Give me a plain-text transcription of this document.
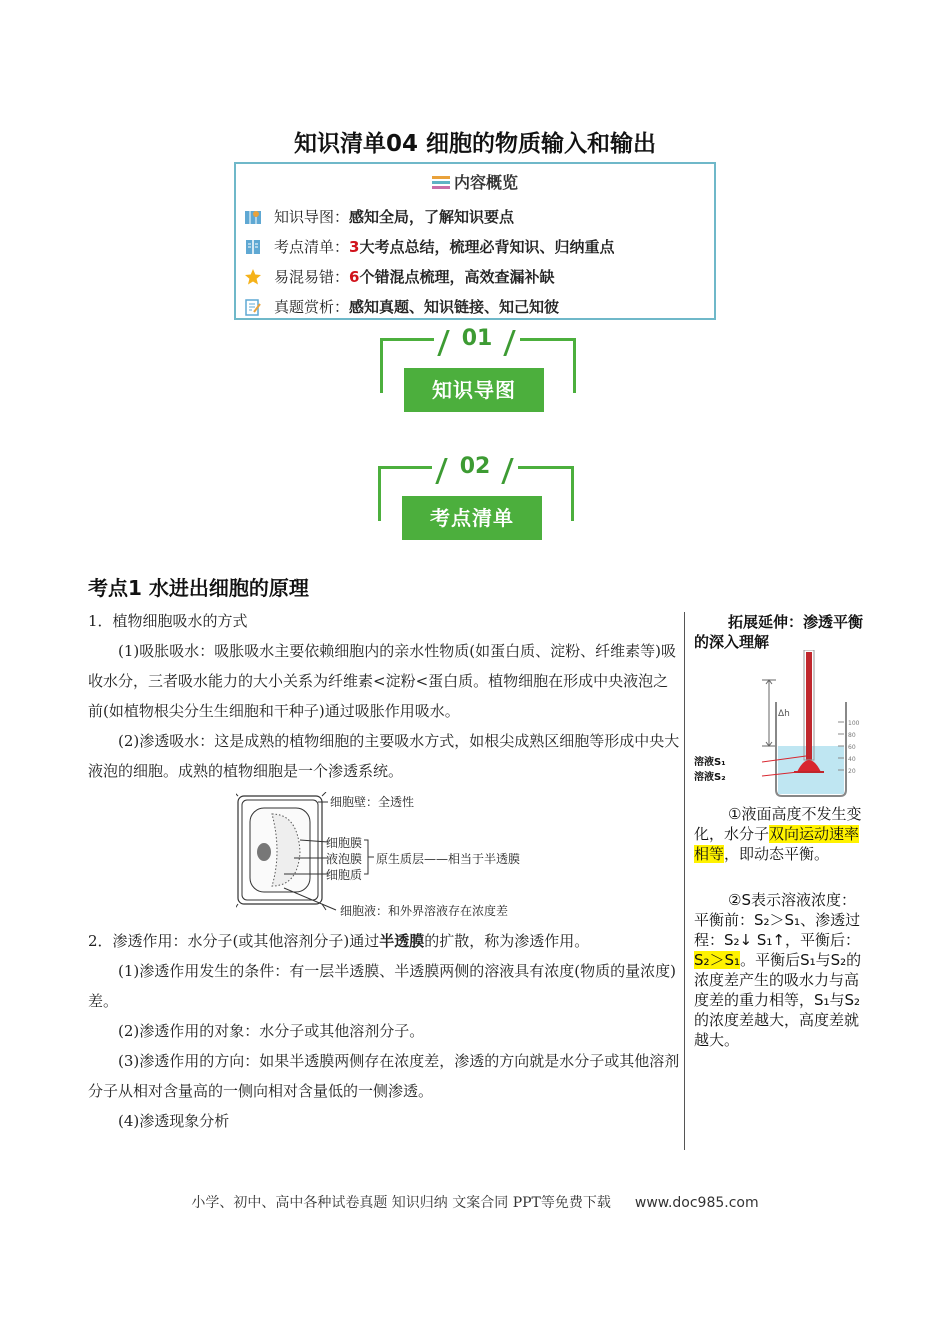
知识清单04 细胞的物质输入和输出
内容概览
知识导图：感知全局，了解知识要点
考点清单：3大考点总结，梳理必背知识、归纳重点
易混易错：6个错混点梳理，高效查漏补缺
真题赏析：感知真题、知识链接、知己知彼
01
知识导图
02
考点清单
考点1 水进出细胞的原理

1．植物细胞吸水的方式

(1)吸胀吸水：吸胀吸水主要依赖细胞内的亲水性物质(如蛋白质、淀粉、纤维素等)吸收水分，三者吸水能力的大小关系为纤维素<淀粉<蛋白质。植物细胞在形成中央液泡之前(如植物根尖分生生细胞和干种子)通过吸胀作用吸水。

(2)渗透吸水：这是成熟的植物细胞的主要吸水方式，如根尖成熟区细胞等形成中央大液泡的细胞。成熟的植物细胞是一个渗透系统。

细胞壁：全透性
细胞膜
液泡膜
细胞质
原生质层——相当于半透膜
细胞液：和外界溶液存在浓度差

2．渗透作用：水分子(或其他溶剂分子)通过半透膜的扩散，称为渗透作用。

(1)渗透作用发生的条件：有一层半透膜、半透膜两侧的溶液具有浓度(物质的量浓度)差。

(2)渗透作用的对象：水分子或其他溶剂分子。

(3)渗透作用的方向：如果半透膜两侧存在浓度差，渗透的方向就是水分子或其他溶剂分子从相对含量高的一侧向相对含量低的一侧渗透。

(4)渗透现象分析

拓展延伸：渗透平衡的深入理解
Δh
溶液S₁
溶液S₂
100
80
60
40
20

①液面高度不发生变化，水分子双向运动速率相等，即动态平衡。

②S表示溶液浓度：平衡前：S₂＞S₁、渗透过程：S₂↓ S₁↑，平衡后：S₂＞S₁。平衡后S₁与S₂的浓度差产生的吸水力与高度差的重力相等，S₁与S₂的浓度差越大，高度差就越大。

小学、初中、高中各种试卷真题 知识归纳 文案合同 PPT等免费下载 www.doc985.com
